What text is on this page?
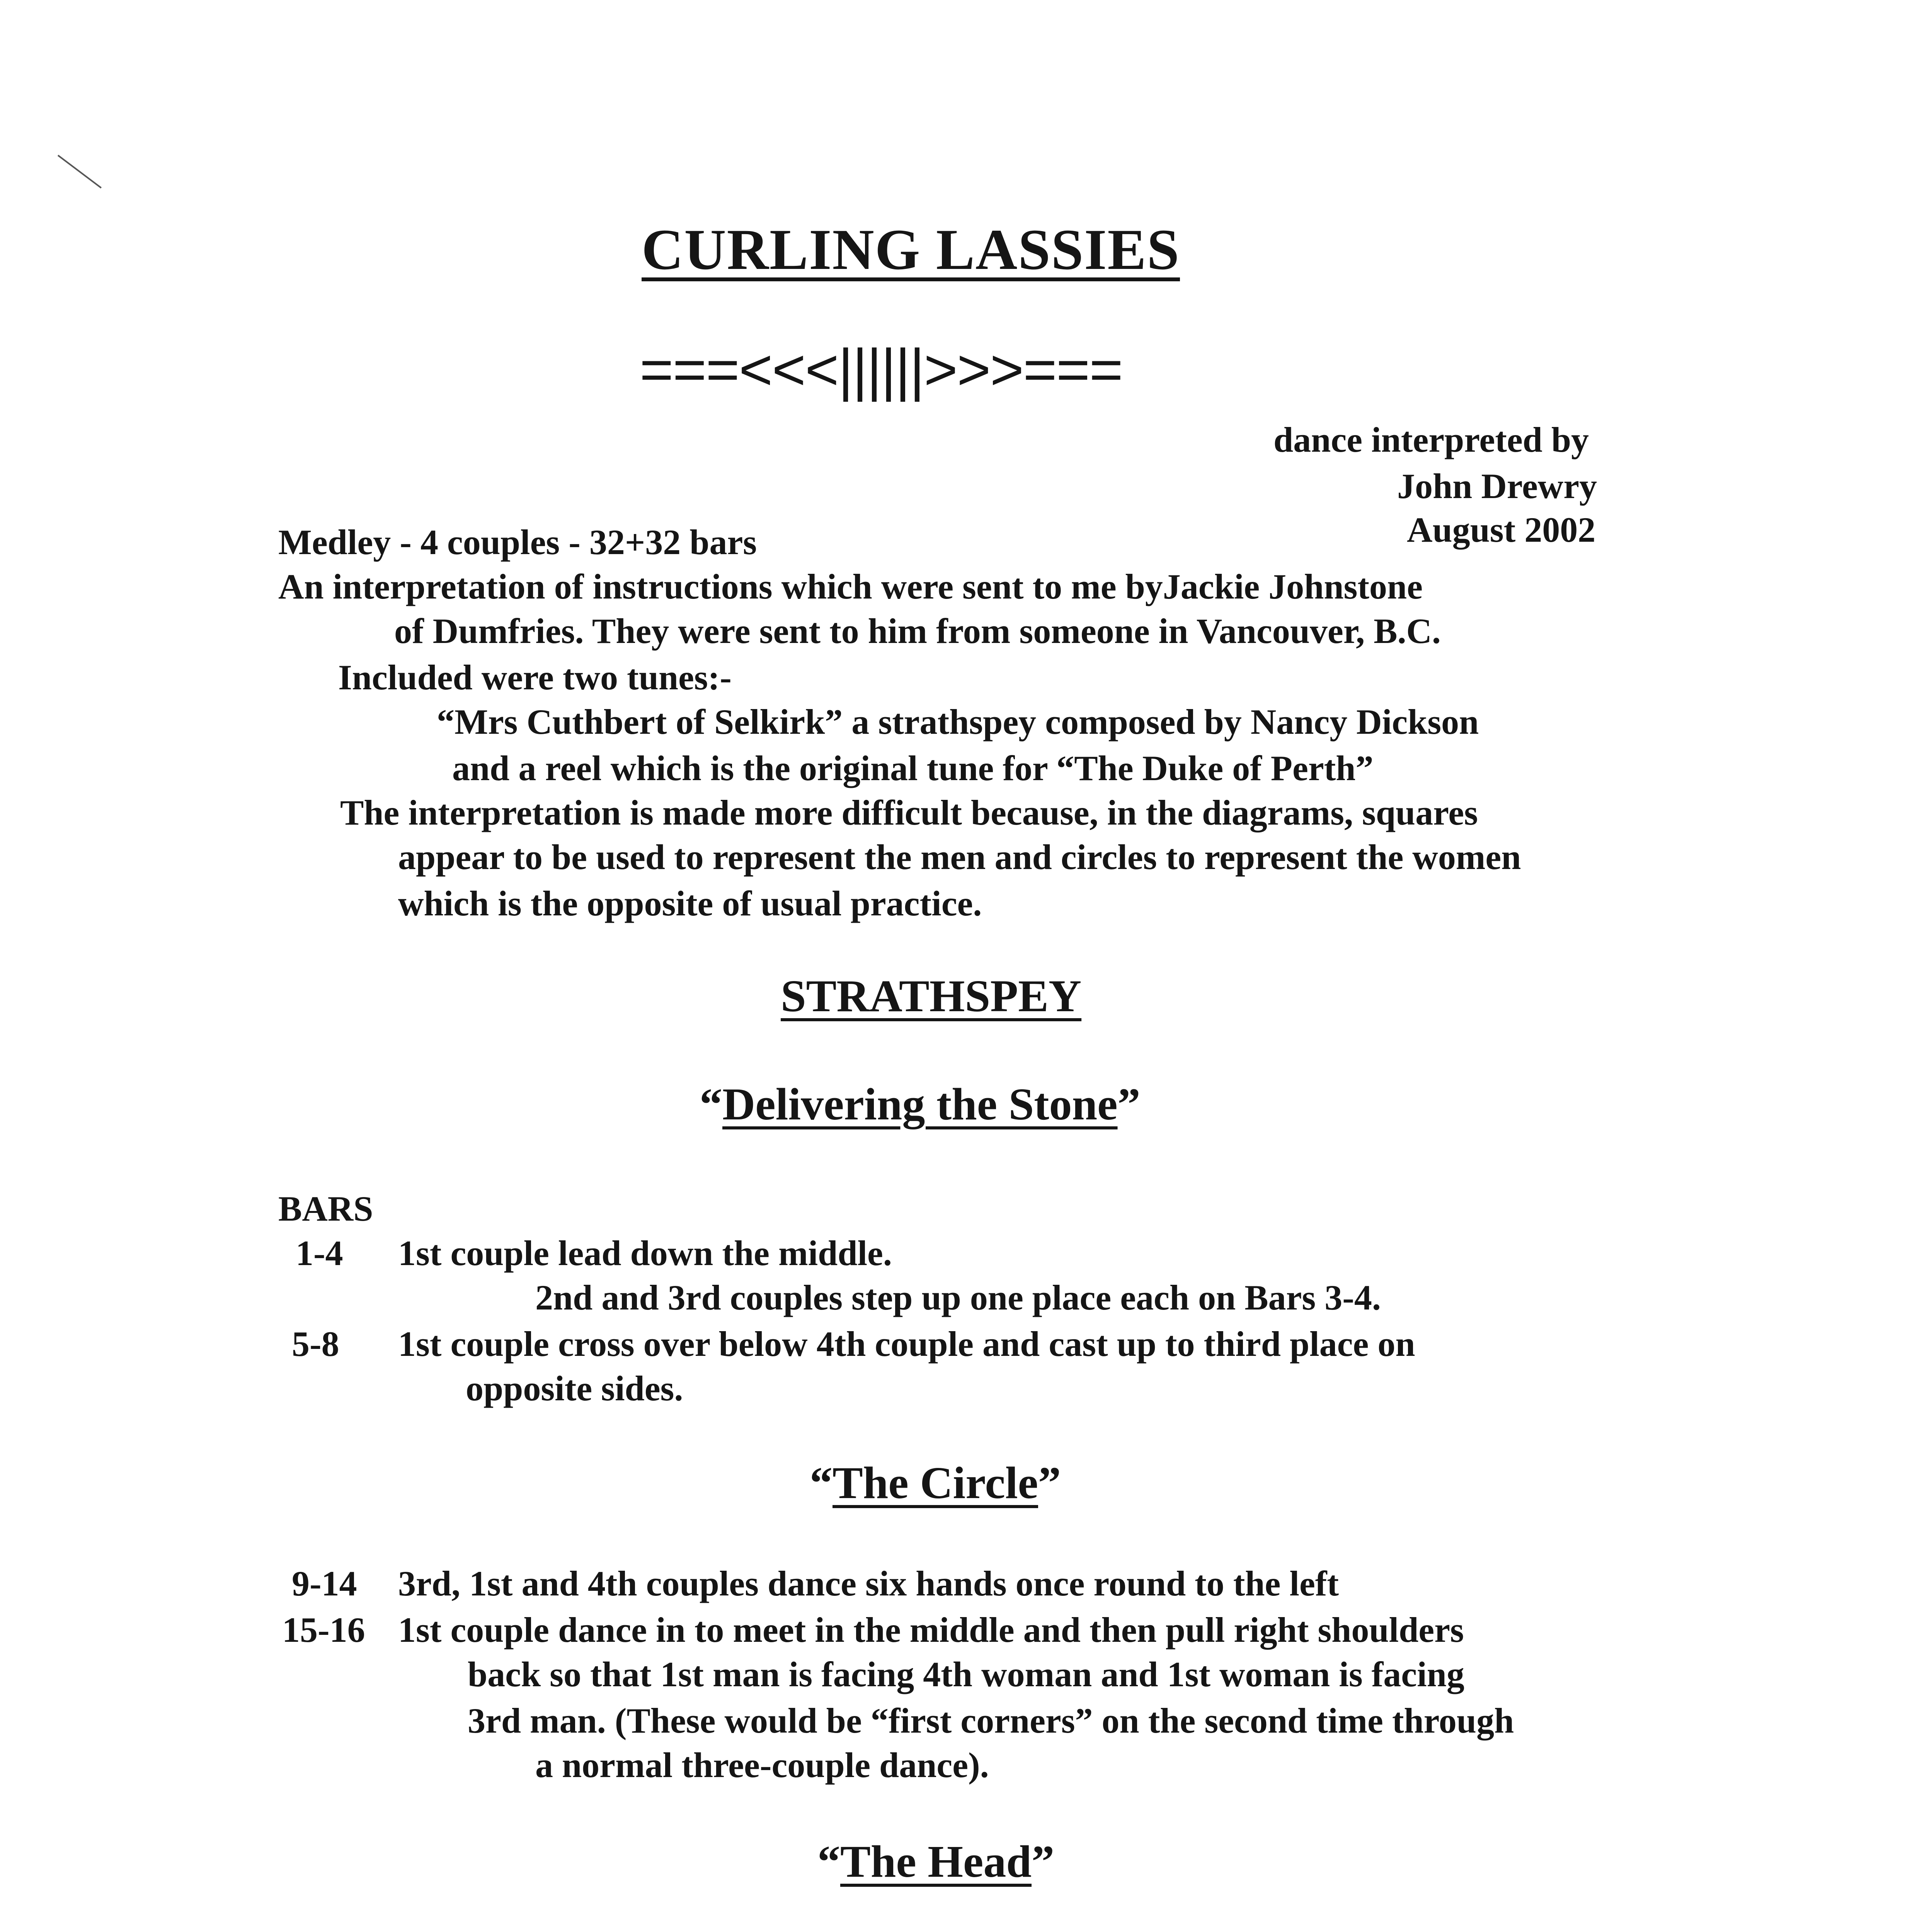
CURLING LASSIES
===<<<||||||>>>===
dance interpreted by
John Drewry
August 2002
Medley - 4 couples - 32+32 bars
An interpretation of instructions which were sent to me byJackie Johnstone
of Dumfries. They were sent to him from someone in Vancouver, B.C.
Included were two tunes:-
“Mrs Cuthbert of Selkirk” a strathspey composed by Nancy Dickson
and a reel which is the original tune for “The Duke of Perth”
The interpretation is made more difficult because, in the diagrams, squares
appear to be used to represent the men and circles to represent the women
which is the opposite of usual practice.
STRATHSPEY
“Delivering the Stone”
BARS
1-4 1st couple lead down the middle.
2nd and 3rd couples step up one place each on Bars 3-4.
5-8 1st couple cross over below 4th couple and cast up to third place on
opposite sides.
“The Circle”
9-14 3rd, 1st and 4th couples dance six hands once round to the left
15-16 1st couple dance in to meet in the middle and then pull right shoulders
back so that 1st man is facing 4th woman and 1st woman is facing
3rd man. (These would be “first corners” on the second time through
a normal three-couple dance).
“The Head”
